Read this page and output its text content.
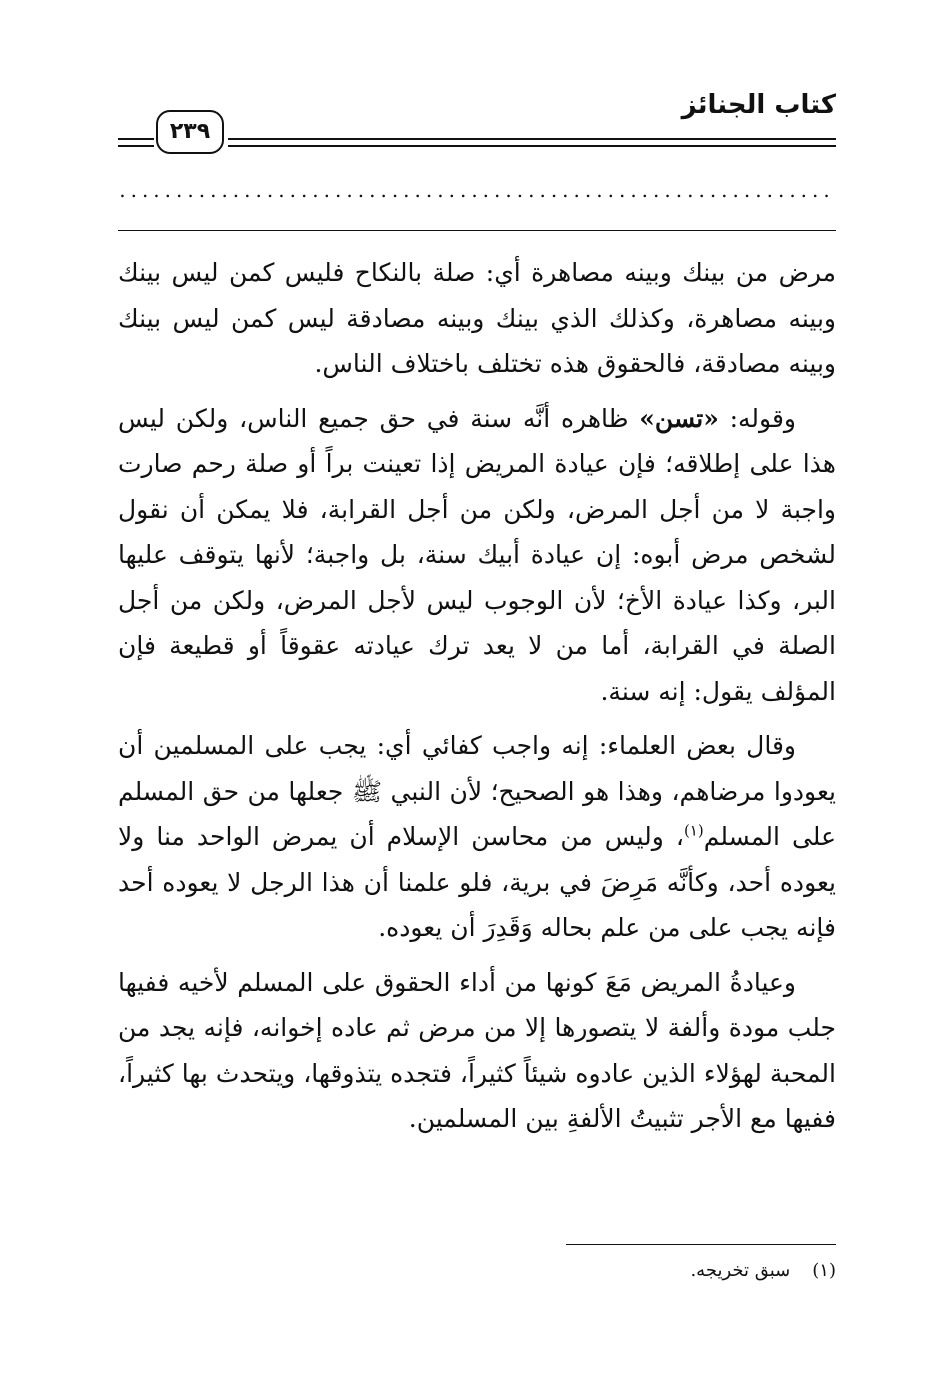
كتاب الجنائز
٢٣٩
...............................................................

مرض من بينك وبينه مصاهرة أي: صلة بالنكاح فليس كمن ليس بينك وبينه مصاهرة، وكذلك الذي بينك وبينه مصادقة ليس كمن ليس بينك وبينه مصادقة، فالحقوق هذه تختلف باختلاف الناس.

وقوله: «تسن» ظاهره أنَّه سنة في حق جميع الناس، ولكن ليس هذا على إطلاقه؛ فإن عيادة المريض إذا تعينت براً أو صلة رحم صارت واجبة لا من أجل المرض، ولكن من أجل القرابة، فلا يمكن أن نقول لشخص مرض أبوه: إن عيادة أبيك سنة، بل واجبة؛ لأنها يتوقف عليها البر، وكذا عيادة الأخ؛ لأن الوجوب ليس لأجل المرض، ولكن من أجل الصلة في القرابة، أما من لا يعد ترك عيادته عقوقاً أو قطيعة فإن المؤلف يقول: إنه سنة.

وقال بعض العلماء: إنه واجب كفائي أي: يجب على المسلمين أن يعودوا مرضاهم، وهذا هو الصحيح؛ لأن النبي ﷺ جعلها من حق المسلم على المسلم$^{(١)}$، وليس من محاسن الإسلام أن يمرض الواحد منا ولا يعوده أحد، وكأنَّه مَرِضَ في برية، فلو علمنا أن هذا الرجل لا يعوده أحد فإنه يجب على من علم بحاله وَقَدِرَ أن يعوده.

وعيادةُ المريض مَعَ كونها من أداء الحقوق على المسلم لأخيه ففيها جلب مودة وألفة لا يتصورها إلا من مرض ثم عاده إخوانه، فإنه يجد من المحبة لهؤلاء الذين عادوه شيئاً كثيراً، فتجده يتذوقها، ويتحدث بها كثيراً، ففيها مع الأجر تثبيتُ الألفةِ بين المسلمين.

(١)سبق تخريجه.
